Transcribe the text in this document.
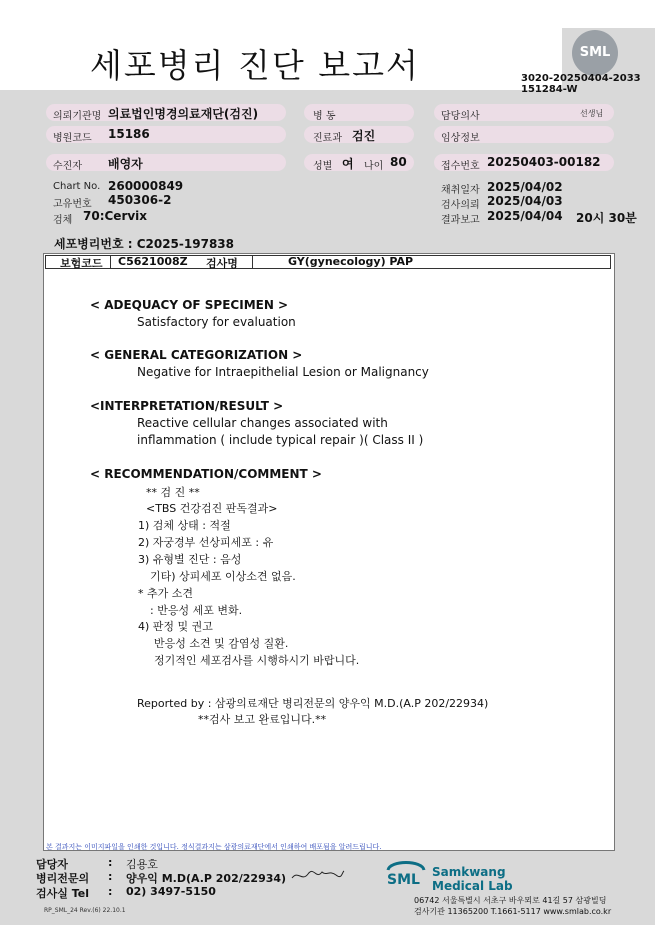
세포병리 진단 보고서	SML
3020-20250404-2033
151284-W
의뢰기관명 의료법인명경의료재단(검진)	병 동	담당의사	선생님
병원코드 15186	진료과 검진	임상정보
수진자 배영자	성별 여 나이 80	접수번호 20250403-00182
Chart No. 260000849
고유번호 450306-2
검체 70:Cervix
채취일자 2025/04/02
검사의뢰 2025/04/03
결과보고 2025/04/04 20시 30분
세포병리번호 : C2025-197838
보험코드 C5621008Z 검사명	GY(gynecology) PAP
< ADEQUACY OF SPECIMEN >
Satisfactory for evaluation
< GENERAL CATEGORIZATION >
Negative for Intraepithelial Lesion or Malignancy
<INTERPRETATION/RESULT >
Reactive cellular changes associated with
inflammation ( include typical repair )( Class II )
< RECOMMENDATION/COMMENT >
** 검 진 **
<TBS 건강검진 판독결과>
1) 검체 상태 : 적절
2) 자궁경부 선상피세포 : 유
3) 유형별 진단 : 음성
기타) 상피세포 이상소견 없음.
* 추가 소견
: 반응성 세포 변화.
4) 판정 및 권고
반응성 소견 및 감염성 질환.
정기적인 세포검사를 시행하시기 바랍니다.
Reported by : 삼광의료재단 병리전문의 양우익 M.D.(A.P 202/22934)
**검사 보고 완료입니다.**
본 결과지는 이미지파일을 인쇄한 것입니다. 정식결과지는 삼광의료재단에서 인쇄하여 배포됨을 알려드립니다.
담당자	: 김용호
병리전문의 : 양우익 M.D(A.P 202/22934)
검사실 Tel : 02) 3497-5150
RP_SML_24 Rev.(6) 22.10.1
SML Samkwang
Medical Lab
06742 서울특별시 서초구 바우뫼로 41길 57 삼광빌딩
검사기관 11365200 T.1661-5117 www.smlab.co.kr
